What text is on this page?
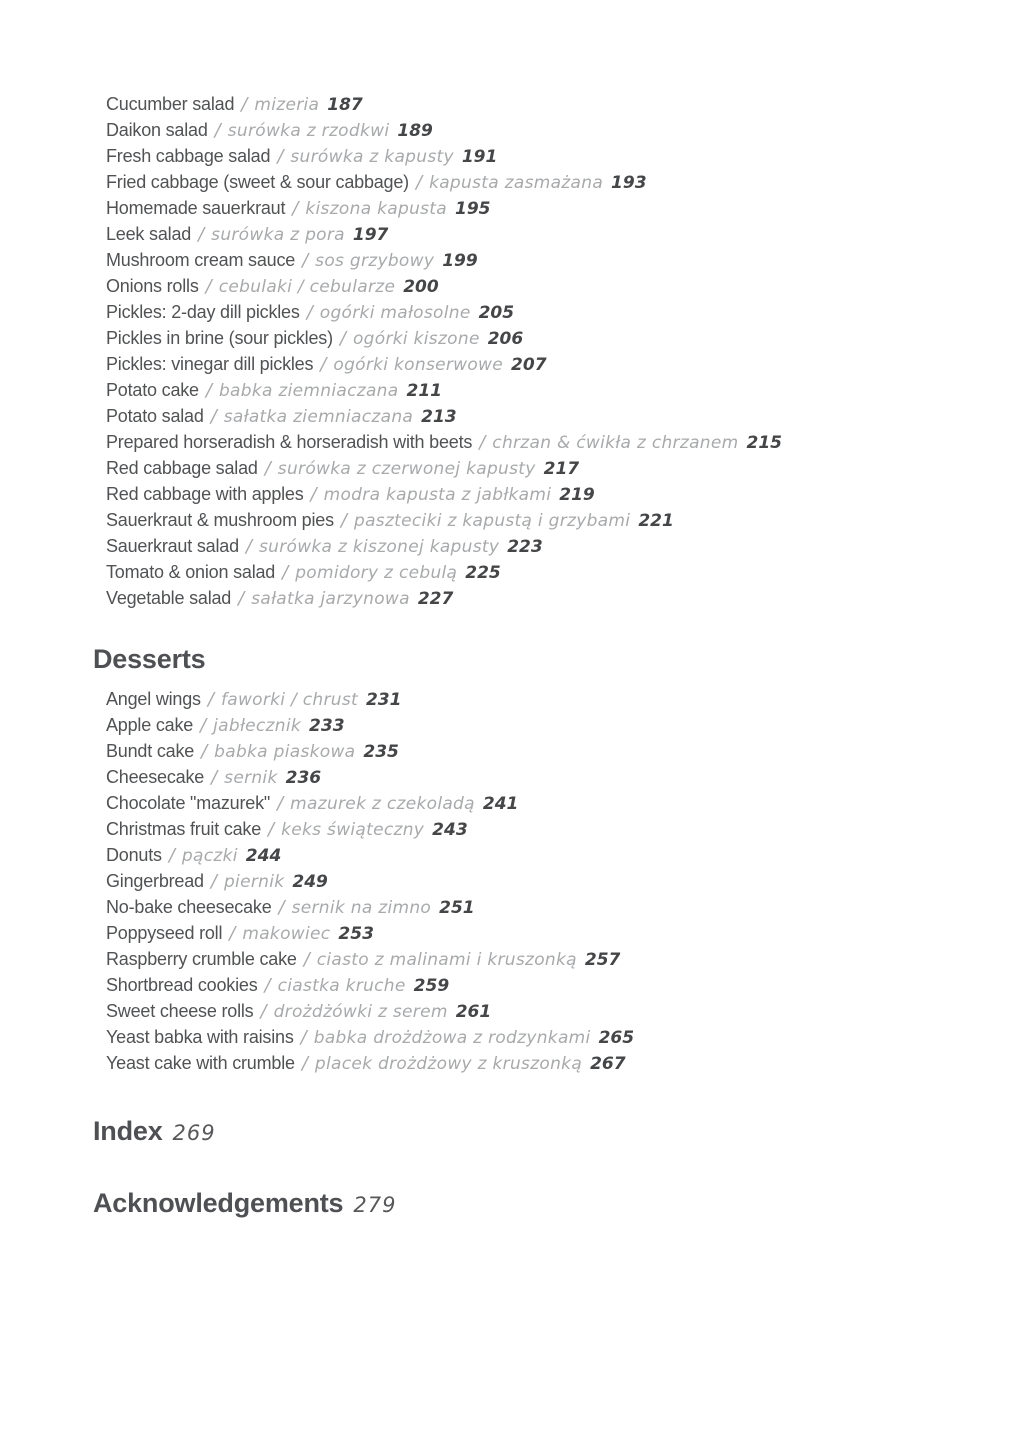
Cucumber salad / mizeria 187
Daikon salad / surówka z rzodkwi 189
Fresh cabbage salad / surówka z kapusty 191
Fried cabbage (sweet & sour cabbage) / kapusta zasmażana 193
Homemade sauerkraut / kiszona kapusta 195
Leek salad / surówka z pora 197
Mushroom cream sauce / sos grzybowy 199
Onions rolls / cebulaki / cebularze 200
Pickles: 2-day dill pickles / ogórki małosolne 205
Pickles in brine (sour pickles) / ogórki kiszone 206
Pickles: vinegar dill pickles / ogórki konserwowe 207
Potato cake / babka ziemniaczana 211
Potato salad / sałatka ziemniaczana 213
Prepared horseradish & horseradish with beets / chrzan & ćwikła z chrzanem 215
Red cabbage salad / surówka z czerwonej kapusty 217
Red cabbage with apples / modra kapusta z jabłkami 219
Sauerkraut & mushroom pies / paszteciki z kapustą i grzybami 221
Sauerkraut salad / surówka z kiszonej kapusty 223
Tomato & onion salad / pomidory z cebulą 225
Vegetable salad / sałatka jarzynowa 227
Desserts
Angel wings / faworki / chrust 231
Apple cake / jabłecznik 233
Bundt cake / babka piaskowa 235
Cheesecake / sernik 236
Chocolate "mazurek" / mazurek z czekoladą 241
Christmas fruit cake / keks świąteczny 243
Donuts / pączki 244
Gingerbread / piernik 249
No-bake cheesecake / sernik na zimno 251
Poppyseed roll / makowiec 253
Raspberry crumble cake / ciasto z malinami i kruszonką 257
Shortbread cookies / ciastka kruche 259
Sweet cheese rolls / drożdżówki z serem 261
Yeast babka with raisins / babka drożdżowa z rodzynkami 265
Yeast cake with crumble / placek drożdżowy z kruszonką 267
Index 269
Acknowledgements 279
